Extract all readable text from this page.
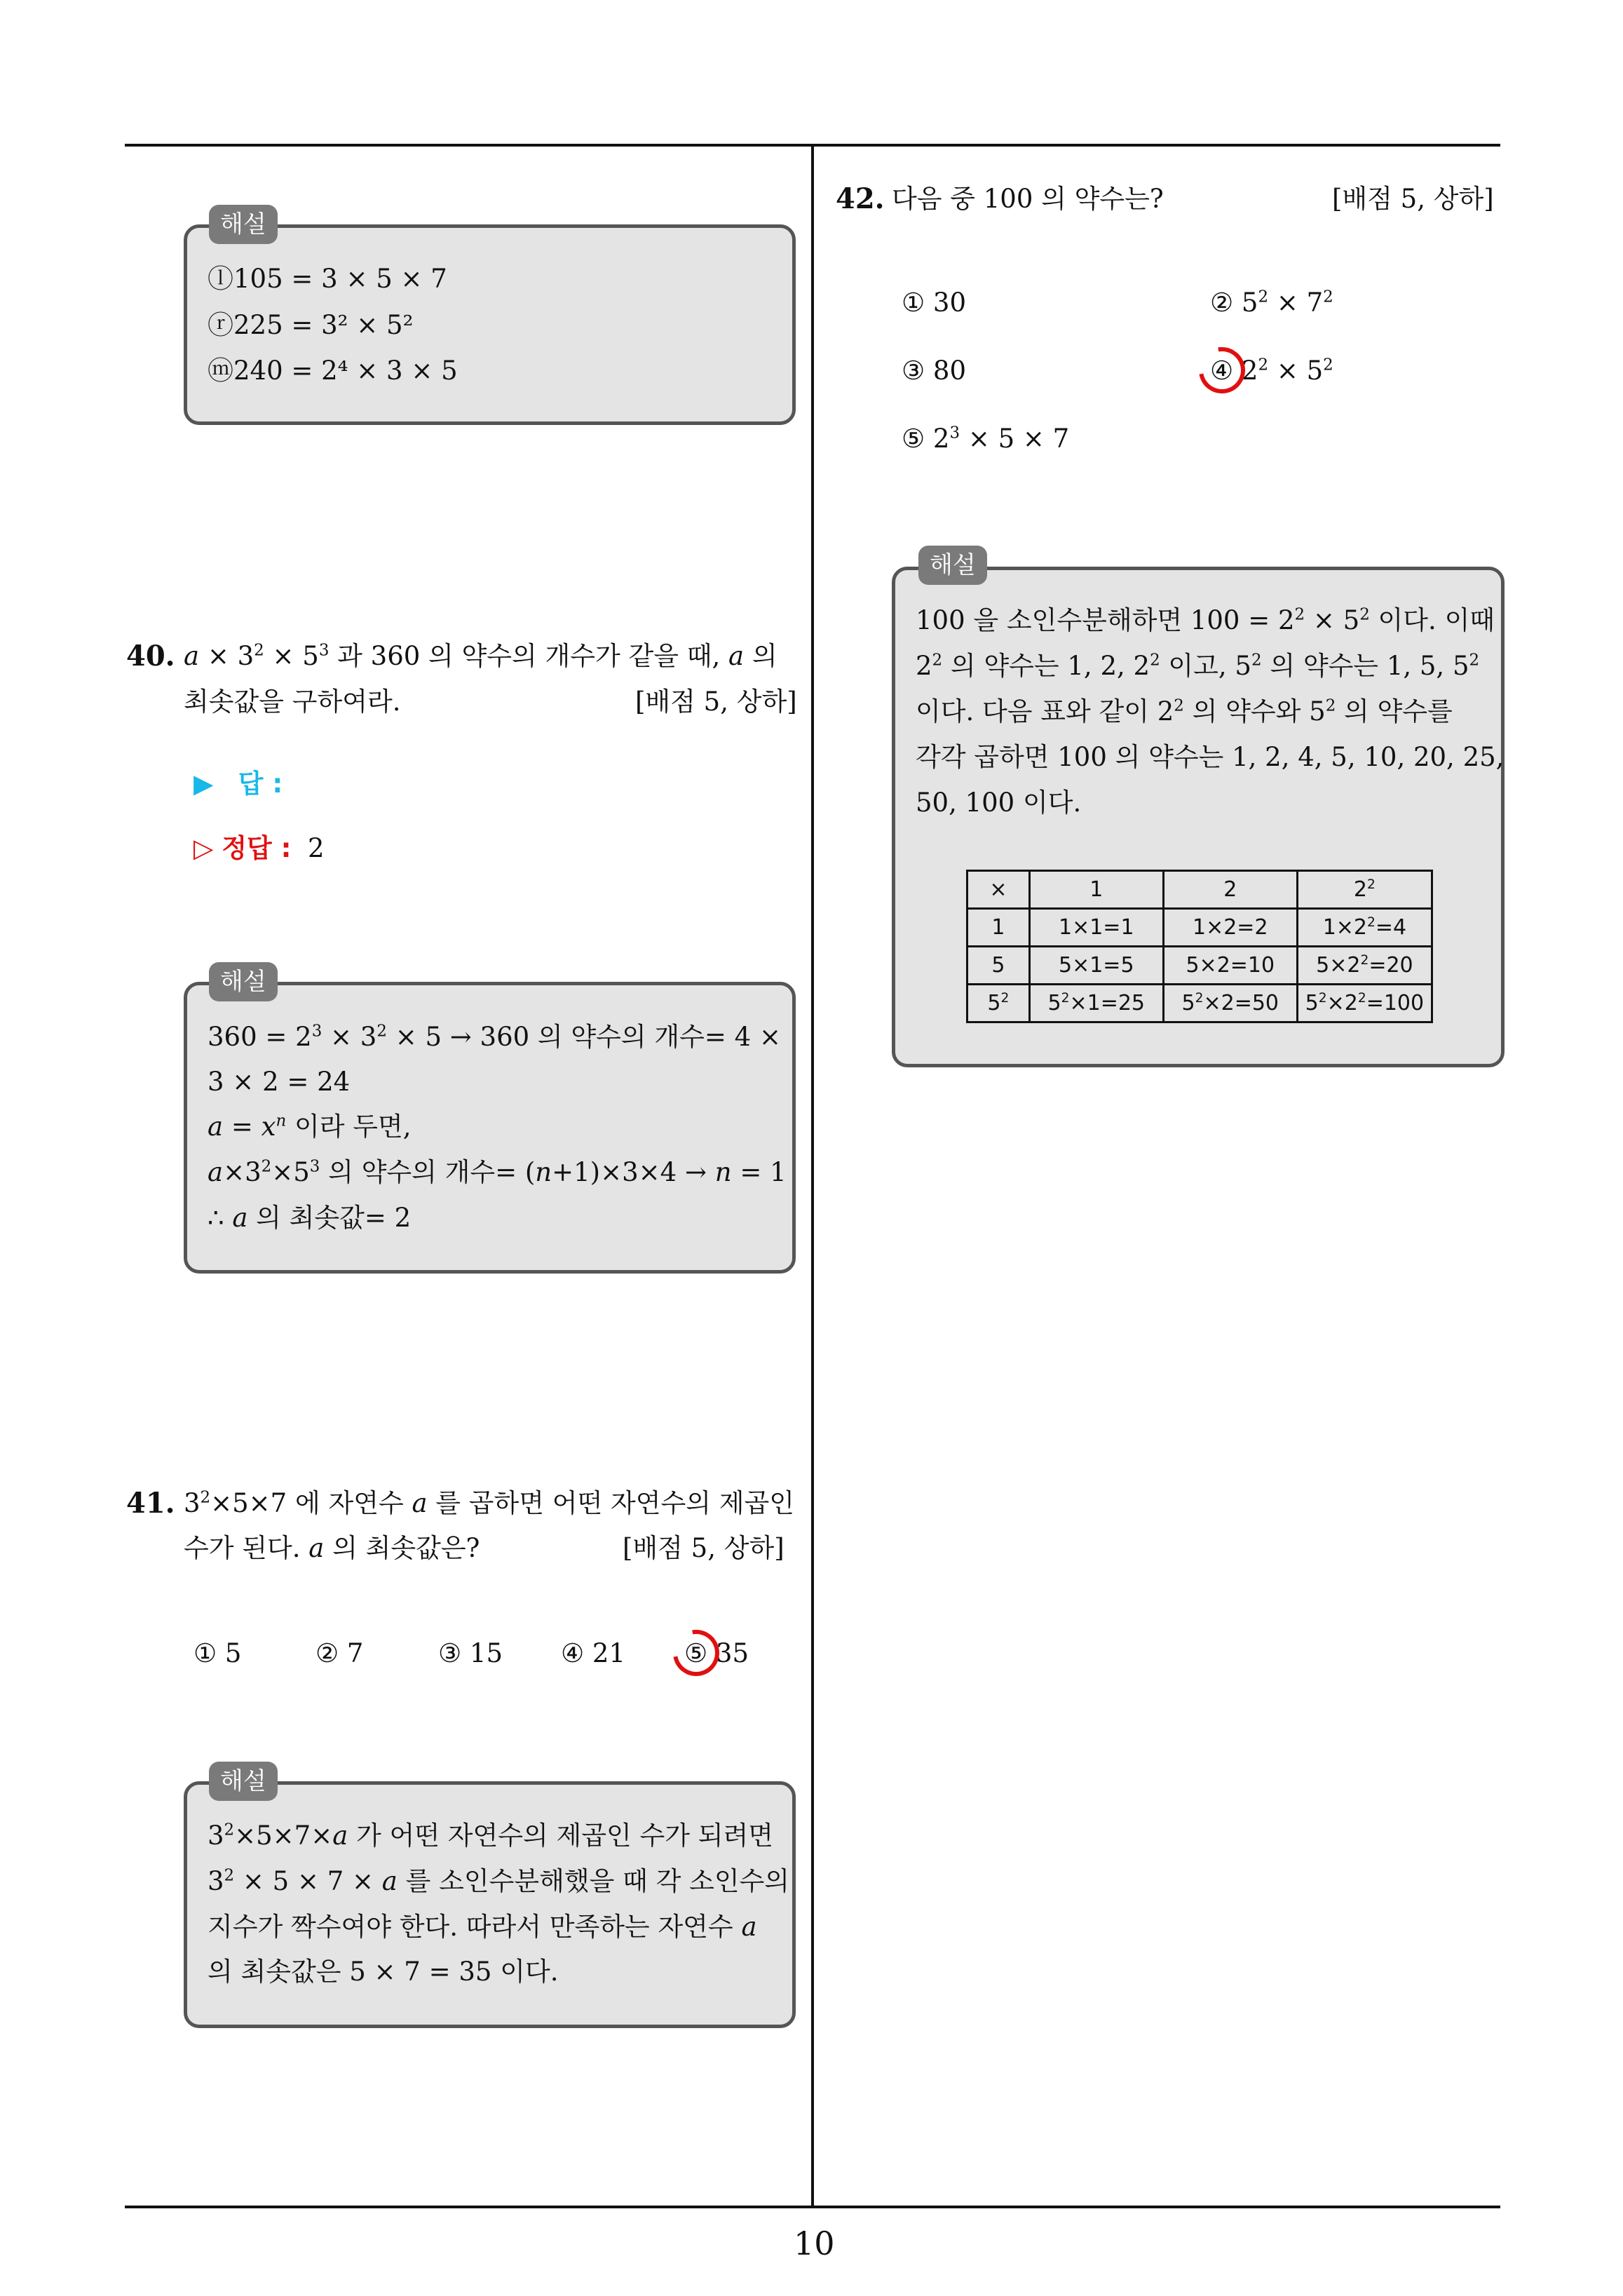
해설
ⓛ105 = 3 × 5 × 7
ⓡ225 = 3² × 5²
ⓜ240 = 2⁴ × 3 × 5
40. $a \times 3^2 \times 5^3$ 과 360 의 약수의 개수가 같을 때, a 의
최솟값을 구하여라.	[배점 5, 상하]
▶ 답 :
▷ 정답 : 2
해설
$360 = 2^3 \times 3^2 \times 5 \to 360$ 의 약수의 개수= 4 ×
3 × 2 = 24
$a = x^n$ 이라 두면,
$a\times 3^2\times 5^3$ 의 약수의 개수= (n+1)×3×4 → n = 1
∴ a 의 최솟값= 2
41. $3^2\times 5\times 7$ 에 자연수 a 를 곱하면 어떤 자연수의 제곱인
수가 된다. a 의 최솟값은?	[배점 5, 상하]
① 5	② 7	③ 15 ④ 21 ⑤ 35
해설
$3^2\times 5\times 7\times a$ 가 어떤 자연수의 제곱인 수가 되려면
$3^2 \times 5 \times 7 \times a$ 를 소인수분해했을 때 각 소인수의
지수가 짝수여야 한다. 따라서 만족하는 자연수 a
의 최솟값은 5 × 7 = 35 이다.
42. 다음 중 100 의 약수는?	[배점 5, 상하]
① 30	② $5^2 \times 7^2$
③ 80	④ $2^2 \times 5^2$
⑤ $2^3 \times 5 \times 7$
해설
100 을 소인수분해하면 $100 = 2^2 \times 5^2$ 이다. 이때
$2^2$ 의 약수는 1, 2, $2^2$ 이고, $5^2$ 의 약수는 1, 5, $5^2$
이다. 다음 표와 같이 $2^2$ 의 약수와 $5^2$ 의 약수를
각각 곱하면 100 의 약수는 1, 2, 4, 5, 10, 20, 25,
50, 100 이다.
×	1	2	$2^2$
1	1×1=1	1×2=2	$1\times 2^2=4$
5	5×1=5	5×2=10	$5\times 2^2=20$
$5^2$	$5^2\times 1=25$	$5^2\times 2=50$	$5^2\times 2^2=100$
10
